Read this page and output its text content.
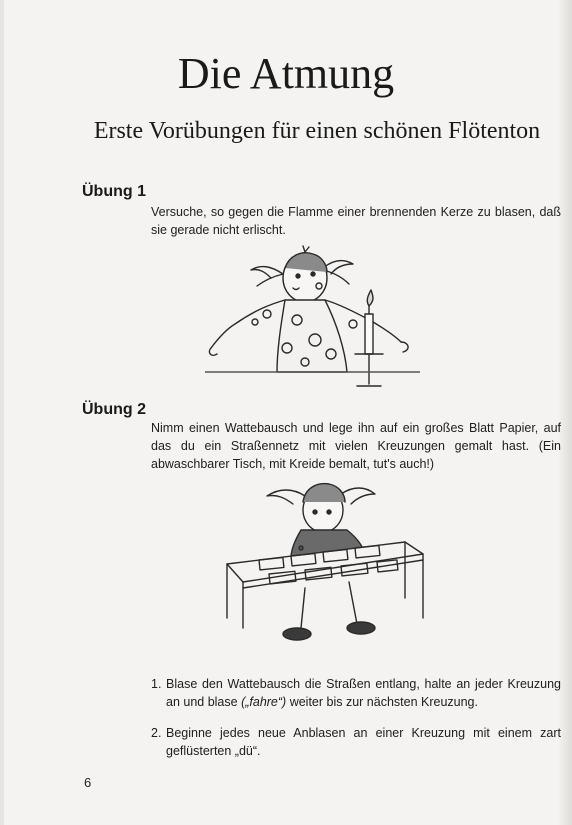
Die Atmung
Erste Vorübungen für einen schönen Flötenton
Übung 1
Versuche, so gegen die Flamme einer brennenden Kerze zu blasen, daß sie gerade nicht erlischt.
Übung 2
Nimm einen Wattebausch und lege ihn auf ein großes Blatt Papier, auf das du ein Straßennetz mit vielen Kreuzungen gemalt hast. (Ein abwaschbarer Tisch, mit Kreide bemalt, tut's auch!)
1. Blase den Wattebausch die Straßen entlang, halte an jeder Kreuzung an und blase („fahre“) weiter bis zur nächsten Kreuzung.
2. Beginne jedes neue Anblasen an einer Kreuzung mit einem zart geflüsterten „dü“.
6
